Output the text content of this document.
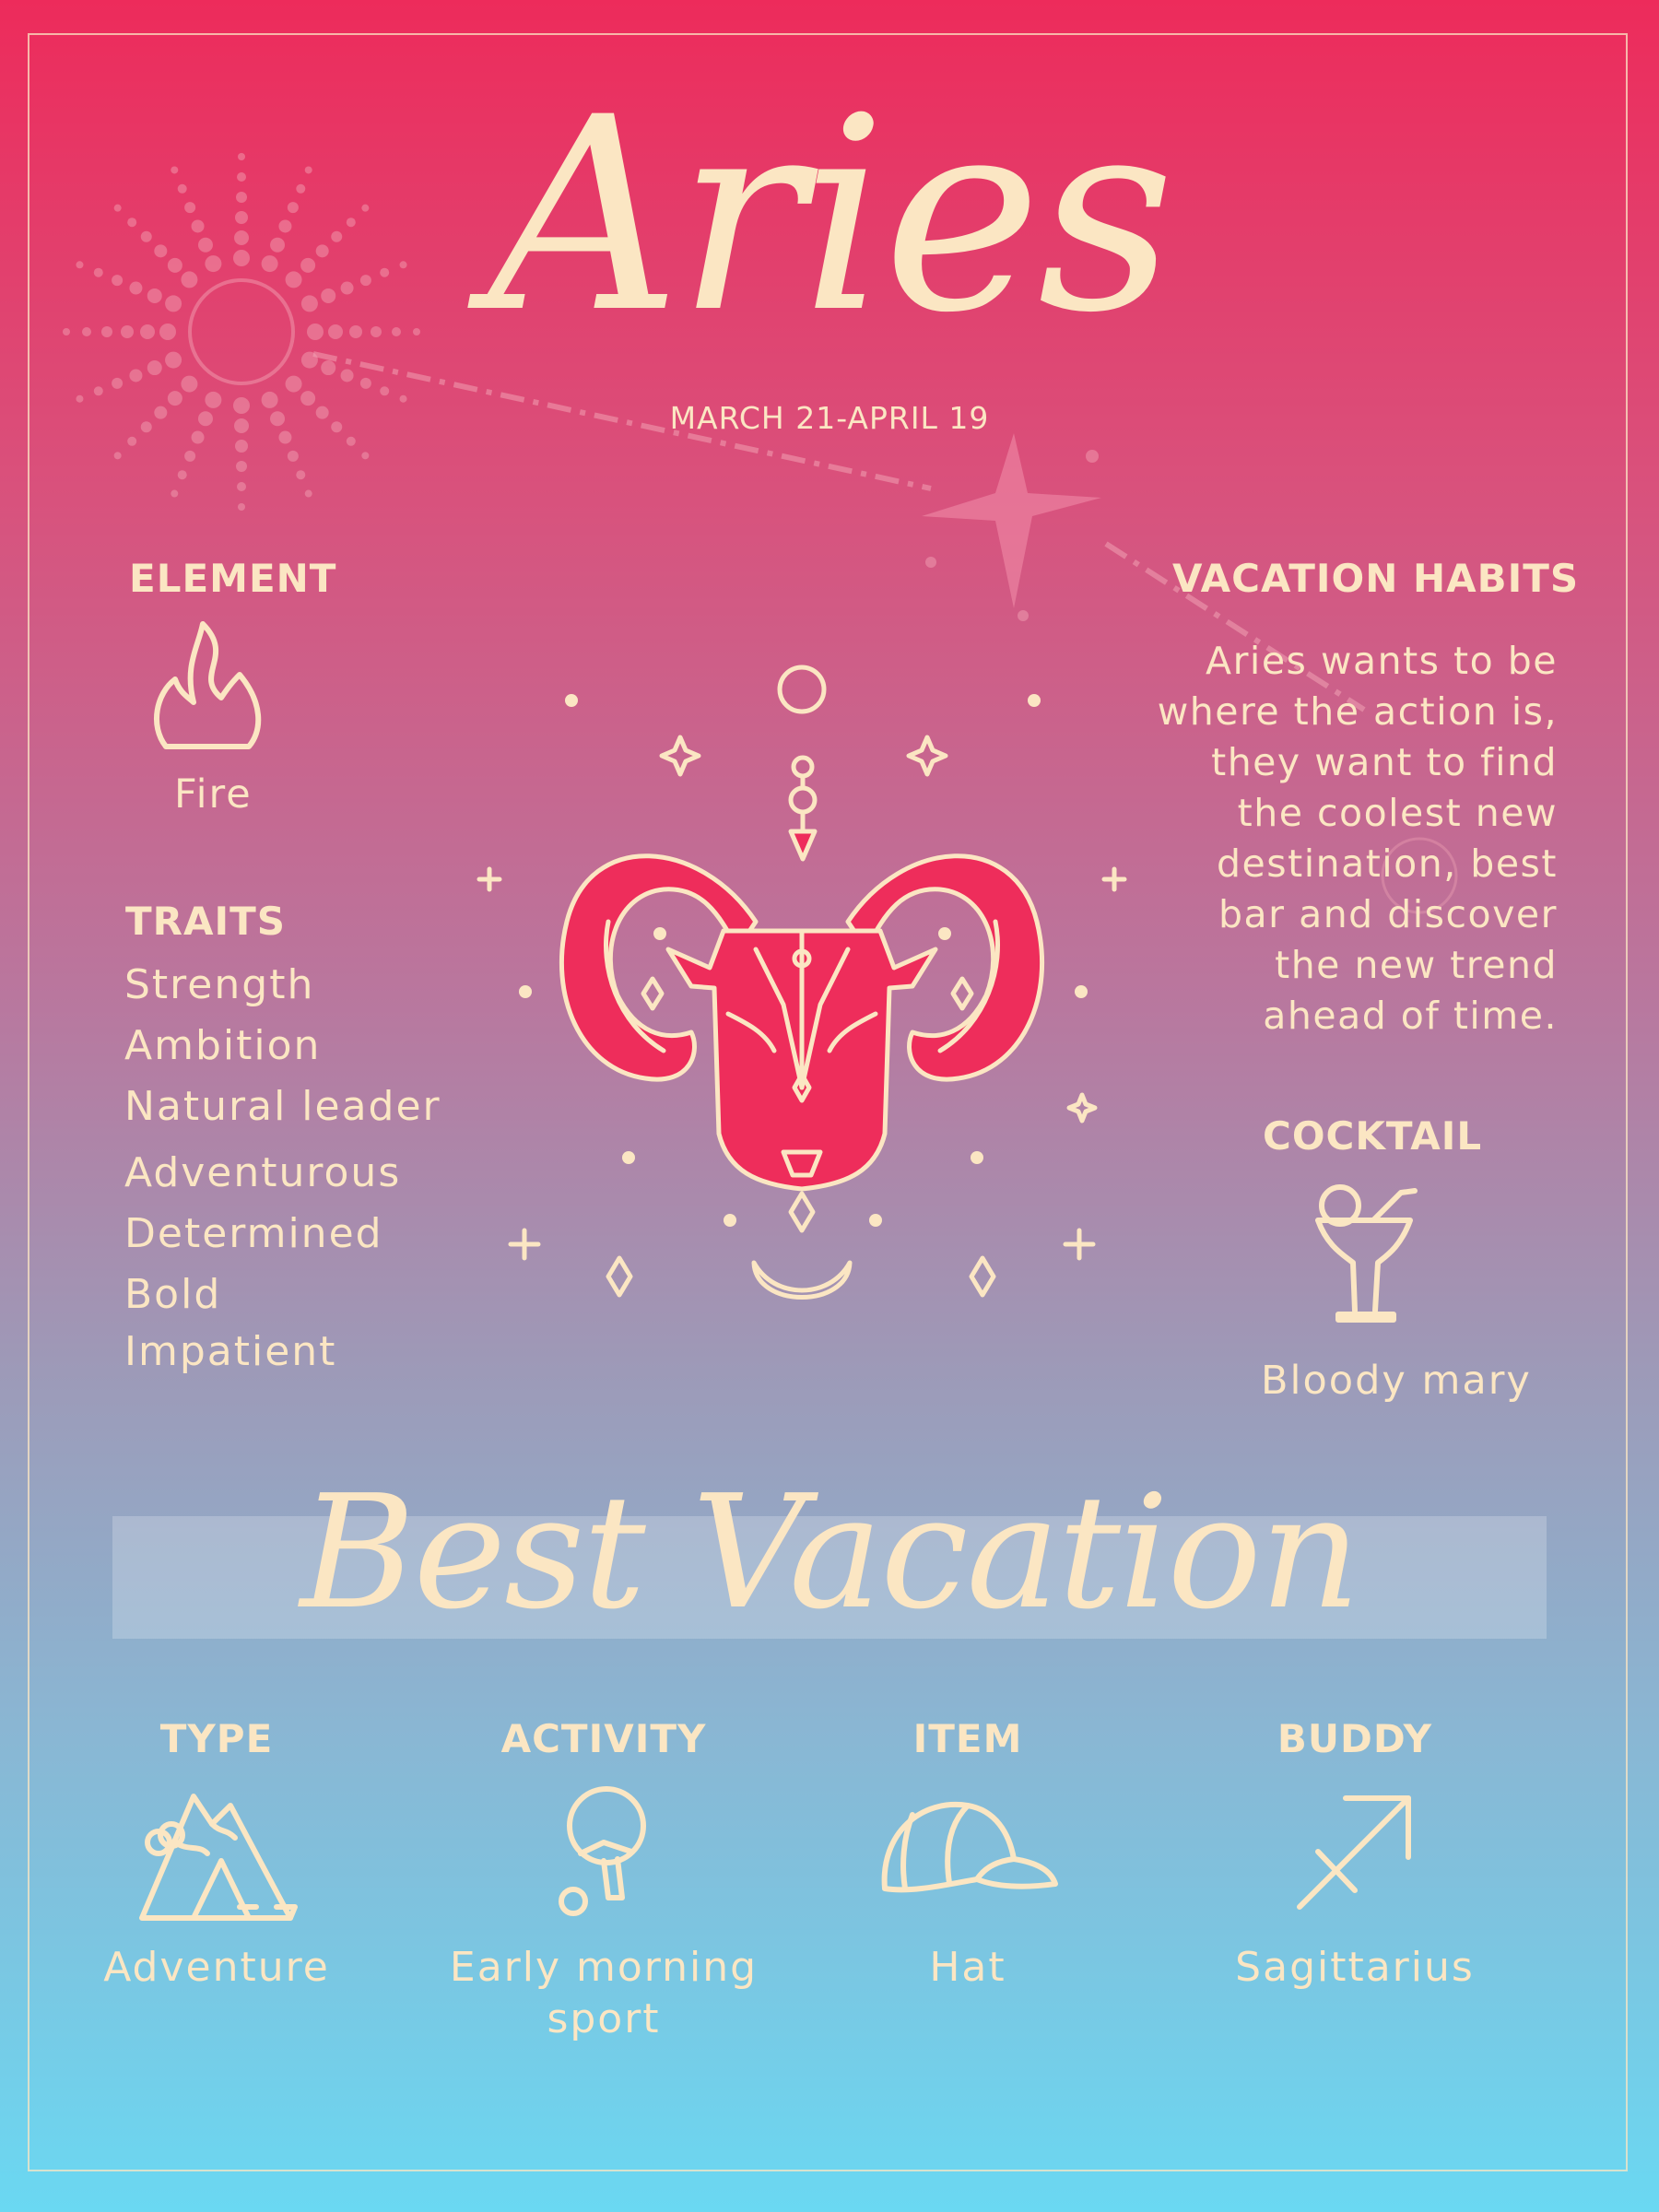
Aries
MARCH 21-APRIL 19
ELEMENT
Fire
TRAITS
Strength
Ambition
Natural leader
Adventurous
Determined
Bold
Impatient
VACATION HABITS
Aries wants to be
where the action is,
they want to find
the coolest new
destination, best
bar and discover
the new trend
ahead of time.
COCKTAIL
Bloody mary
Best Vacation
TYPE
Adventure
ACTIVITY
Early morning
sport
ITEM
Hat
BUDDY
Sagittarius
